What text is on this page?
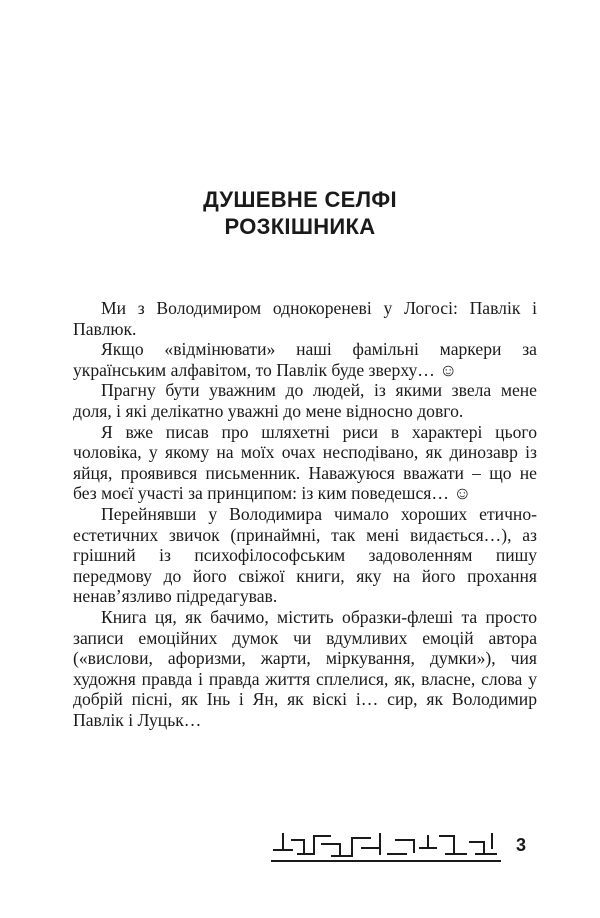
ДУШЕВНЕ СЕЛФІ
РОЗКІШНИКА

Ми з Володимиром однокореневі у Логосі: Павлік і Павлюк.

Якщо «відмінювати» наші фамільні маркери за українським алфавітом, то Павлік буде зверху… ☺

Прагну бути уважним до людей, із якими звела мене доля, і які делікатно уважні до мене відносно довго.

Я вже писав про шляхетні риси в характері цього чоловіка, у якому на моїх очах несподівано, як динозавр із яйця, проявився письменник. Наважуюся вважати – що не без моєї участі за принципом: із ким поведешся… ☺

Перейнявши у Володимира чимало хороших етично-естетичних звичок (принаймні, так мені видається…), аз грішний із психофілософським задоволенням пишу передмову до його свіжої книги, яку на його прохання ненав’язливо підредагував.

Книга ця, як бачимо, містить образки-флеші та просто записи емоційних думок чи вдумливих емоцій автора («вислови, афоризми, жарти, міркування, думки»), чия художня правда і правда життя сплелися, як, власне, слова у добрій пісні, як Інь і Ян, як віскі і… сир, як Володимир Павлік і Луцьк…

3
